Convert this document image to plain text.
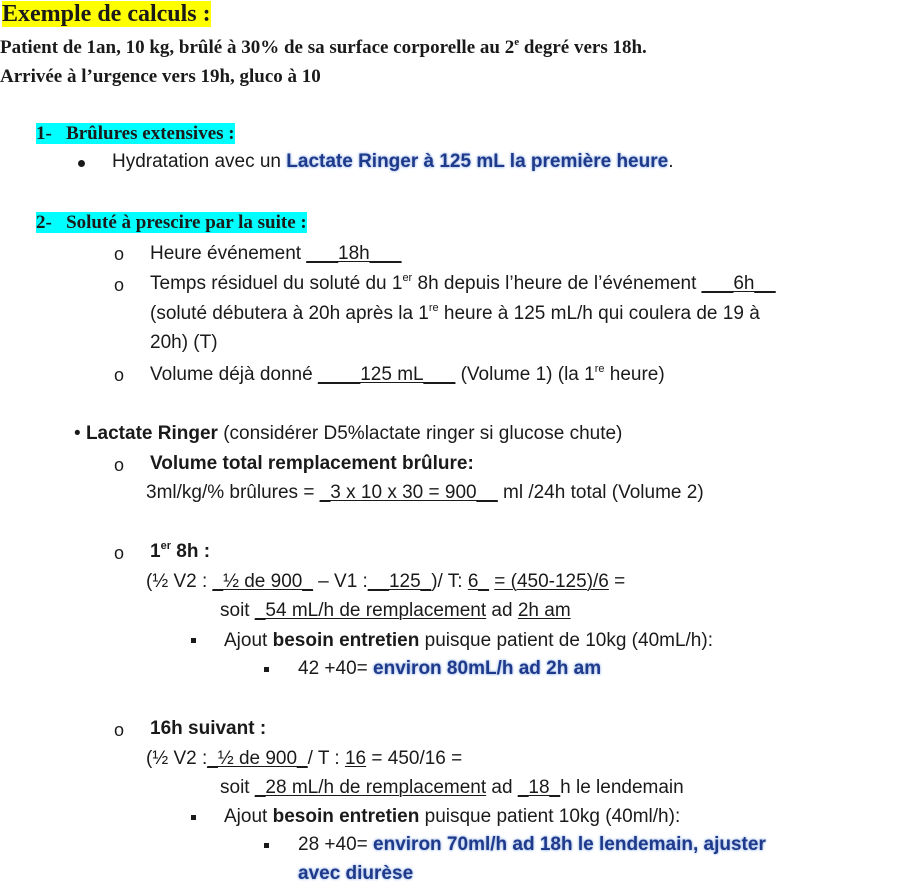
Exemple de calculs :
Patient de 1an, 10 kg, brûlé à 30% de sa surface corporelle au 2e degré vers 18h.
Arrivée à l’urgence vers 19h, gluco à 10
1- Brûlures extensives :
Hydratation avec un Lactate Ringer à 125 mL la première heure.
2- Soluté à prescire par la suite :
o Heure événement ___18h___
o Temps résiduel du soluté du 1er 8h depuis l’heure de l’événement ___6h__
(soluté débutera à 20h après la 1re heure à 125 mL/h qui coulera de 19 à
20h) (T)
o Volume déjà donné ____125 mL___ (Volume 1) (la 1re heure)
• Lactate Ringer (considérer D5%lactate ringer si glucose chute)
o Volume total remplacement brûlure:
3ml/kg/% brûlures = _3 x 10 x 30 = 900__ ml /24h total (Volume 2)
o 1er 8h :
(½ V2 : _½ de 900_ – V1 :__125_)/ T: 6_ = (450-125)/6 =
soit _54 mL/h de remplacement ad 2h am
Ajout besoin entretien puisque patient de 10kg (40mL/h):
42 +40= environ 80mL/h ad 2h am
o 16h suivant :
(½ V2 :_½ de 900_/ T : 16 = 450/16 =
soit _28 mL/h de remplacement ad _18_h le lendemain
Ajout besoin entretien puisque patient 10kg (40ml/h):
28 +40= environ 70ml/h ad 18h le lendemain, ajuster
avec diurèse
